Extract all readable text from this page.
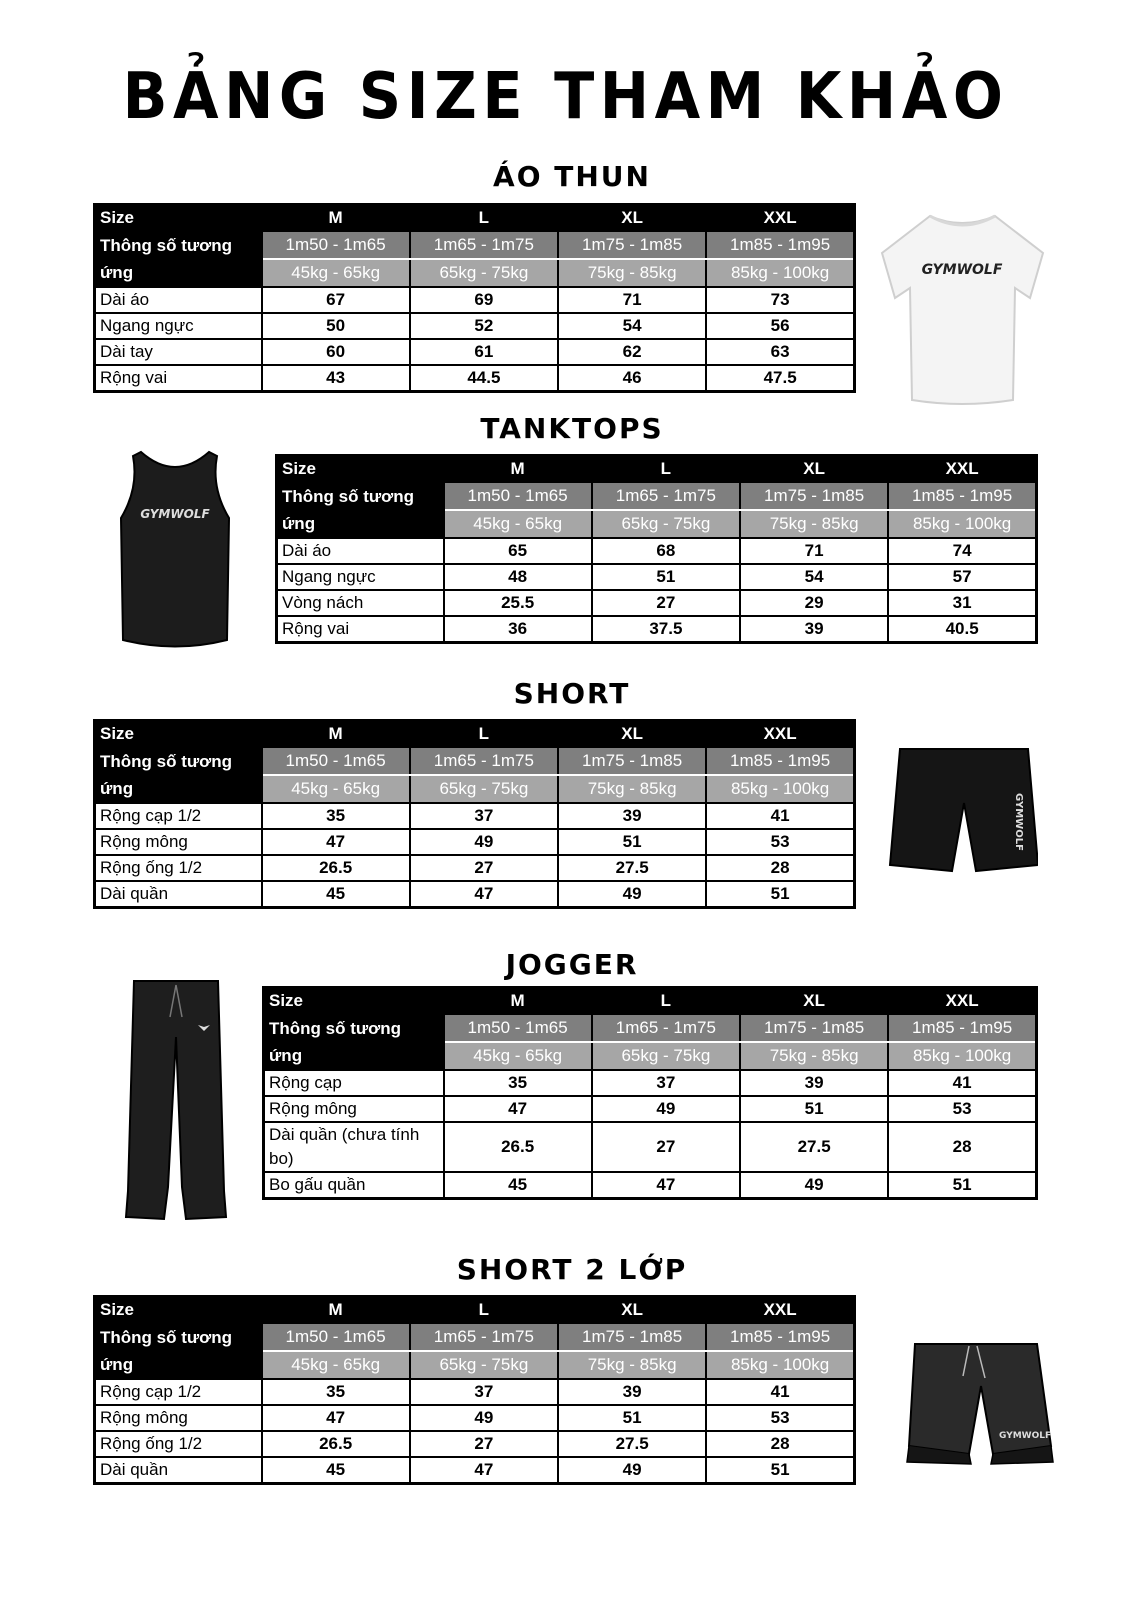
BẢNG SIZE THAM KHẢO
ÁO THUN
Size	M	L	XL	XXL
Thông số tương ứng	1m50 - 1m65	1m65 - 1m75	1m75 - 1m85	1m85 - 1m95
	45kg - 65kg	65kg - 75kg	75kg - 85kg	85kg - 100kg
Dài áo	67	69	71	73
Ngang ngực	50	52	54	56
Dài tay	60	61	62	63
Rộng vai	43	44.5	46	47.5
GYMWOLF
TANKTOPS
Size	M	L	XL	XXL
Thông số tương ứng	1m50 - 1m65	1m65 - 1m75	1m75 - 1m85	1m85 - 1m95
	45kg - 65kg	65kg - 75kg	75kg - 85kg	85kg - 100kg
Dài áo	65	68	71	74
Ngang ngực	48	51	54	57
Vòng nách	25.5	27	29	31
Rộng vai	36	37.5	39	40.5
GYMWOLF
SHORT
Size	M	L	XL	XXL
Thông số tương ứng	1m50 - 1m65	1m65 - 1m75	1m75 - 1m85	1m85 - 1m95
	45kg - 65kg	65kg - 75kg	75kg - 85kg	85kg - 100kg
Rộng cạp 1/2	35	37	39	41
Rộng mông	47	49	51	53
Rộng ống 1/2	26.5	27	27.5	28
Dài quần	45	47	49	51
GYMWOLF
JOGGER
Size	M	L	XL	XXL
Thông số tương ứng	1m50 - 1m65	1m65 - 1m75	1m75 - 1m85	1m85 - 1m95
	45kg - 65kg	65kg - 75kg	75kg - 85kg	85kg - 100kg
Rộng cạp	35	37	39	41
Rộng mông	47	49	51	53
Dài quần (chưa tính bo)	26.5	27	27.5	28
Bo gấu quần	45	47	49	51
SHORT 2 LỚP
Size	M	L	XL	XXL
Thông số tương ứng	1m50 - 1m65	1m65 - 1m75	1m75 - 1m85	1m85 - 1m95
	45kg - 65kg	65kg - 75kg	75kg - 85kg	85kg - 100kg
Rộng cạp 1/2	35	37	39	41
Rộng mông	47	49	51	53
Rộng ống 1/2	26.5	27	27.5	28
Dài quần	45	47	49	51
GYMWOLF
